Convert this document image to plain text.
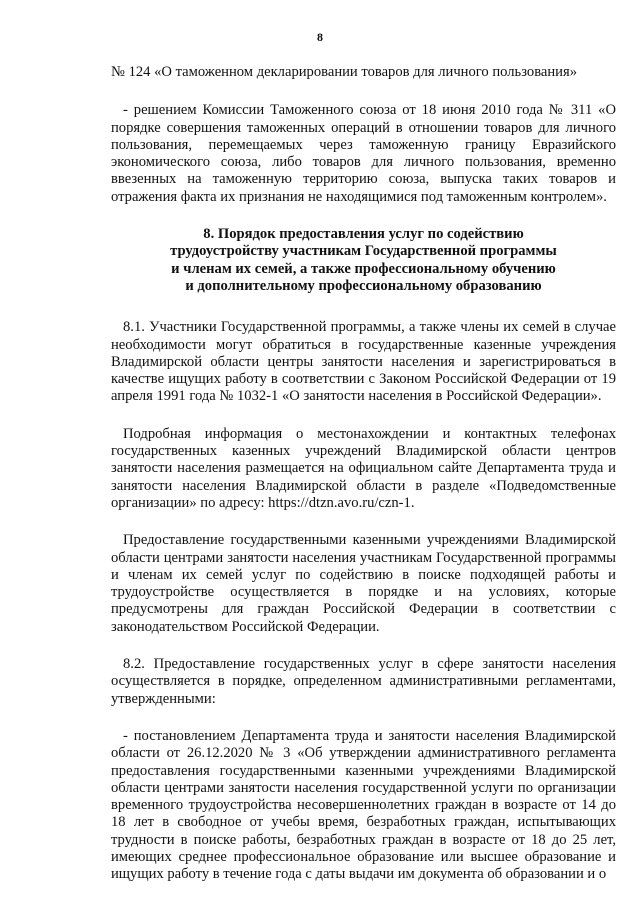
8

№ 124 «О таможенном декларировании товаров для личного пользования»

- решением Комиссии Таможенного союза от 18 июня 2010 года № 311 «О порядке совершения таможенных операций в отношении товаров для личного пользования, перемещаемых через таможенную границу Евразийского экономического союза, либо товаров для личного пользования, временно ввезенных на таможенную территорию союза, выпуска таких товаров и отражения факта их признания не находящимися под таможенным контролем».

8. Порядок предоставления услуг по содействию
трудоустройству участникам Государственной программы
и членам их семей, а также профессиональному обучению
и дополнительному профессиональному образованию

8.1. Участники Государственной программы, а также члены их семей в случае необходимости могут обратиться в государственные казенные учреждения Владимирской области центры занятости населения и зарегистрироваться в качестве ищущих работу в соответствии с Законом Российской Федерации от 19 апреля 1991 года № 1032-1 «О занятости населения в Российской Федерации».

Подробная информация о местонахождении и контактных телефонах государственных казенных учреждений Владимирской области центров занятости населения размещается на официальном сайте Департамента труда и занятости населения Владимирской области в разделе «Подведомственные организации» по адресу: https://dtzn.avo.ru/czn-1.

Предоставление государственными казенными учреждениями Владимирской области центрами занятости населения участникам Государственной программы и членам их семей услуг по содействию в поиске подходящей работы и трудоустройстве осуществляется в порядке и на условиях, которые предусмотрены для граждан Российской Федерации в соответствии с законодательством Российской Федерации.

8.2. Предоставление государственных услуг в сфере занятости населения осуществляется в порядке, определенном административными регламентами, утвержденными:

- постановлением Департамента труда и занятости населения Владимирской области от 26.12.2020 № 3 «Об утверждении административного регламента предоставления государственными казенными учреждениями Владимирской области центрами занятости населения государственной услуги по организации временного трудоустройства несовершеннолетних граждан в возрасте от 14 до 18 лет в свободное от учебы время, безработных граждан, испытывающих трудности в поиске работы, безработных граждан в возрасте от 18 до 25 лет, имеющих среднее профессиональное образование или высшее образование и ищущих работу в течение года с даты выдачи им документа об образовании и о
